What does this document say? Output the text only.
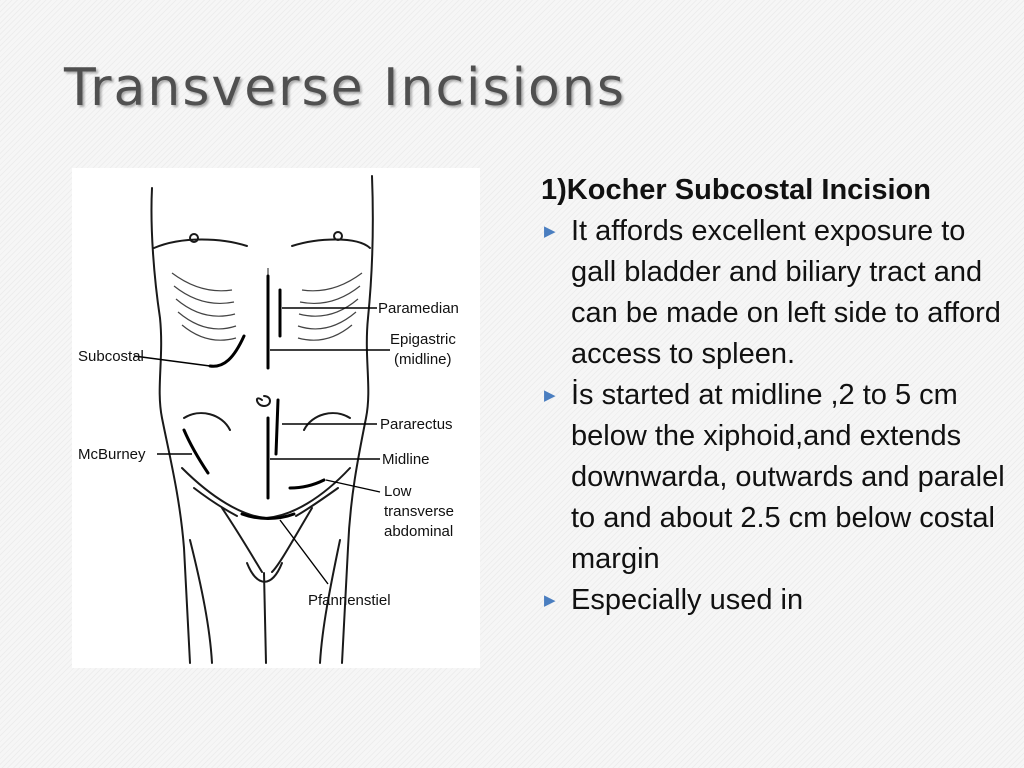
Transverse Incisions
Paramedian
Epigastric
(midline)
Subcostal
Pararectus
McBurney	Midline
Low
transverse
abdominal
Pfannenstiel
1)Kocher Subcostal Incision
▶ It affords excellent exposure to gall bladder and biliary tract and can be made on left side to afford access to spleen.
▶ İs started at midline ,2 to 5 cm below the xiphoid,and extends downwarda, outwards and paralel to and about 2.5 cm below costal margin
▶ Especially used in
